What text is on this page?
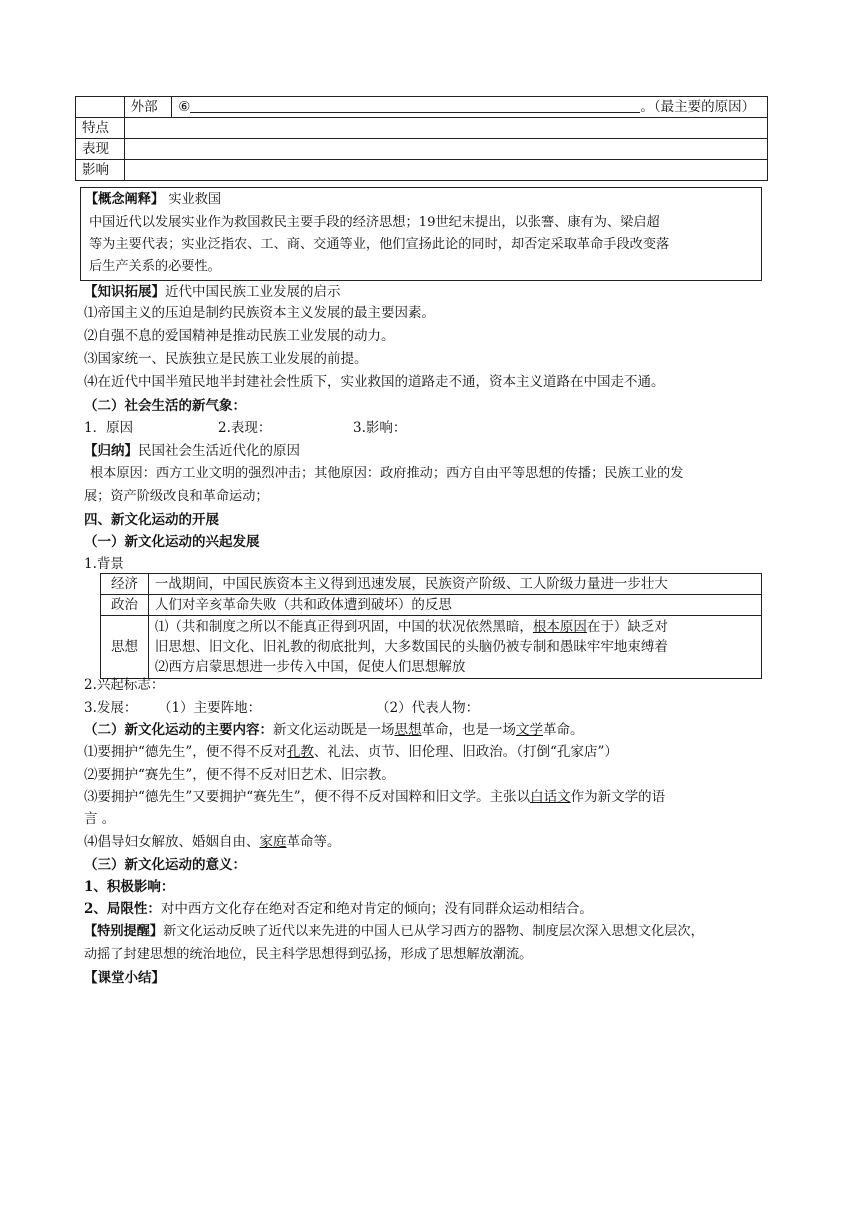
	外部	⑥ 。（最主要的原因）
特点		
表现		
影响		
【概念阐释】 实业救国
中国近代以发展实业作为救国救民主要手段的经济思想；19世纪末提出，以张謇、康有为、梁启超
等为主要代表；实业泛指农、工、商、交通等业，他们宣扬此论的同时，却否定采取革命手段改变落
后生产关系的必要性。
【知识拓展】近代中国民族工业发展的启示
⑴帝国主义的压迫是制约民族资本主义发展的最主要因素。
⑵自强不息的爱国精神是推动民族工业发展的动力。
⑶国家统一、民族独立是民族工业发展的前提。
⑷在近代中国半殖民地半封建社会性质下，实业救国的道路走不通，资本主义道路在中国走不通。
（二）社会生活的新气象：
1．原因	2.表现：	3.影响：
【归纳】民国社会生活近代化的原因
根本原因：西方工业文明的强烈冲击；其他原因：政府推动；西方自由平等思想的传播；民族工业的发
展；资产阶级改良和革命运动；
四、新文化运动的开展
（一）新文化运动的兴起发展
1.背景
经济	一战期间，中国民族资本主义得到迅速发展，民族资产阶级、工人阶级力量进一步壮大
政治	人们对辛亥革命失败（共和政体遭到破坏）的反思
思想	⑴（共和制度之所以不能真正得到巩固，中国的状况依然黑暗，根本原因在于）缺乏对
旧思想、旧文化、旧礼教的彻底批判，大多数国民的头脑仍被专制和愚昧牢牢地束缚着
⑵西方启蒙思想进一步传入中国，促使人们思想解放
2.兴起标志：
3.发展： （1）主要阵地：	（2）代表人物：
（二）新文化运动的主要内容：新文化运动既是一场思想革命，也是一场文学革命。
⑴要拥护“德先生”，便不得不反对孔教、礼法、贞节、旧伦理、旧政治。（打倒“孔家店”）
⑵要拥护“赛先生”，便不得不反对旧艺术、旧宗教。
⑶要拥护“德先生”又要拥护“赛先生”，便不得不反对国粹和旧文学。主张以白话文作为新文学的语
言 。
⑷倡导妇女解放、婚姻自由、家庭革命等。
（三）新文化运动的意义：
1、积极影响：
2、局限性：对中西方文化存在绝对否定和绝对肯定的倾向；没有同群众运动相结合。
【特别提醒】新文化运动反映了近代以来先进的中国人已从学习西方的器物、制度层次深入思想文化层次，
动摇了封建思想的统治地位，民主科学思想得到弘扬，形成了思想解放潮流。
【课堂小结】
